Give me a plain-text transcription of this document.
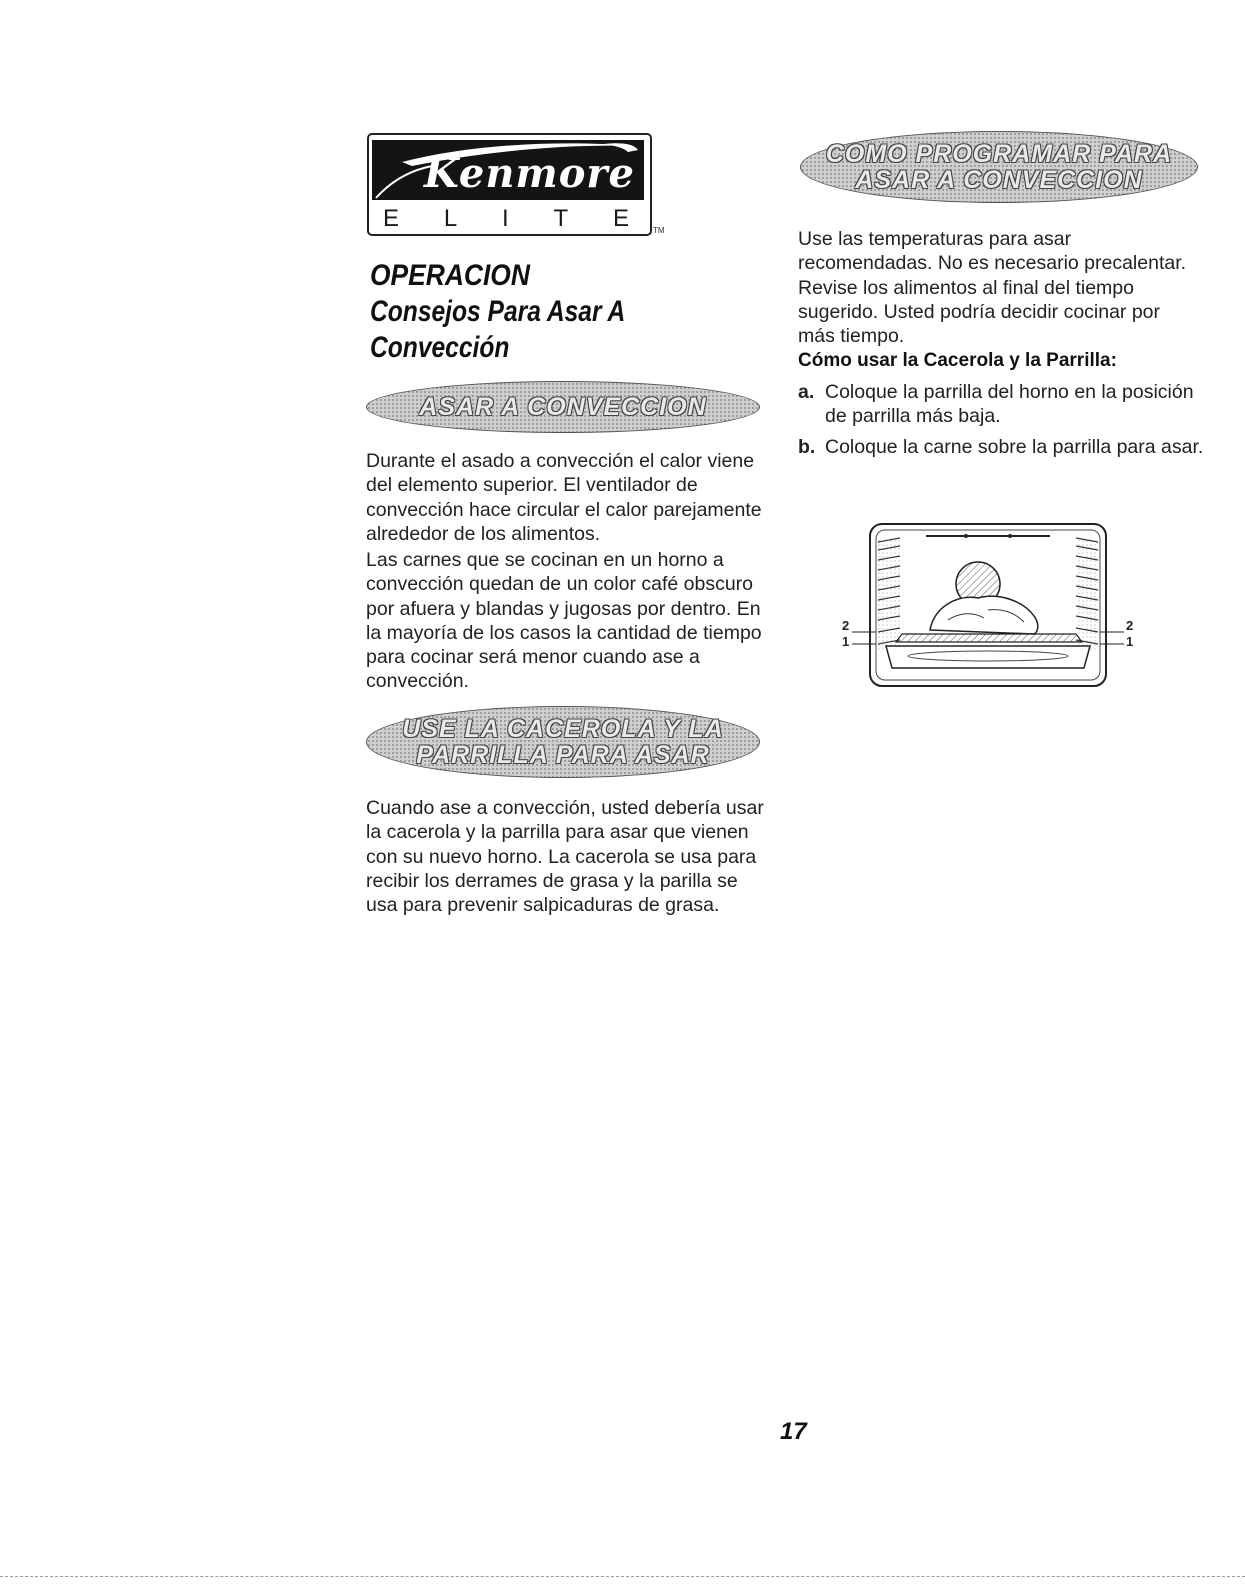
Kenmore
E L I T E	TM
OPERACION
Consejos Para Asar A
Convección
ASAR A CONVECCION
Durante el asado a convección el calor viene del elemento superior. El ventilador de convección hace circular el calor parejamente alrededor de los alimentos.
Las carnes que se cocinan en un horno a convección quedan de un color café obscuro por afuera y blandas y jugosas por dentro. En la mayoría de los casos la cantidad de tiempo para cocinar será menor cuando ase a convección.
USE LA CACEROLA Y LA
PARRILLA PARA ASAR
Cuando ase a convección, usted debería usar la cacerola y la parrilla para asar que vienen con su nuevo horno. La cacerola se usa para recibir los derrames de grasa y la parilla se usa para prevenir salpicaduras de grasa.
COMO PROGRAMAR PARA
ASAR A CONVECCION
Use las temperaturas para asar recomendadas. No es necesario precalentar. Revise los alimentos al final del tiempo sugerido. Usted podría decidir cocinar por más tiempo.
Cómo usar la Cacerola y la Parrilla:
a. Coloque la parrilla del horno en la posición de parrilla más baja.
b. Coloque la carne sobre la parrilla para asar.
2
1
2
1
17
